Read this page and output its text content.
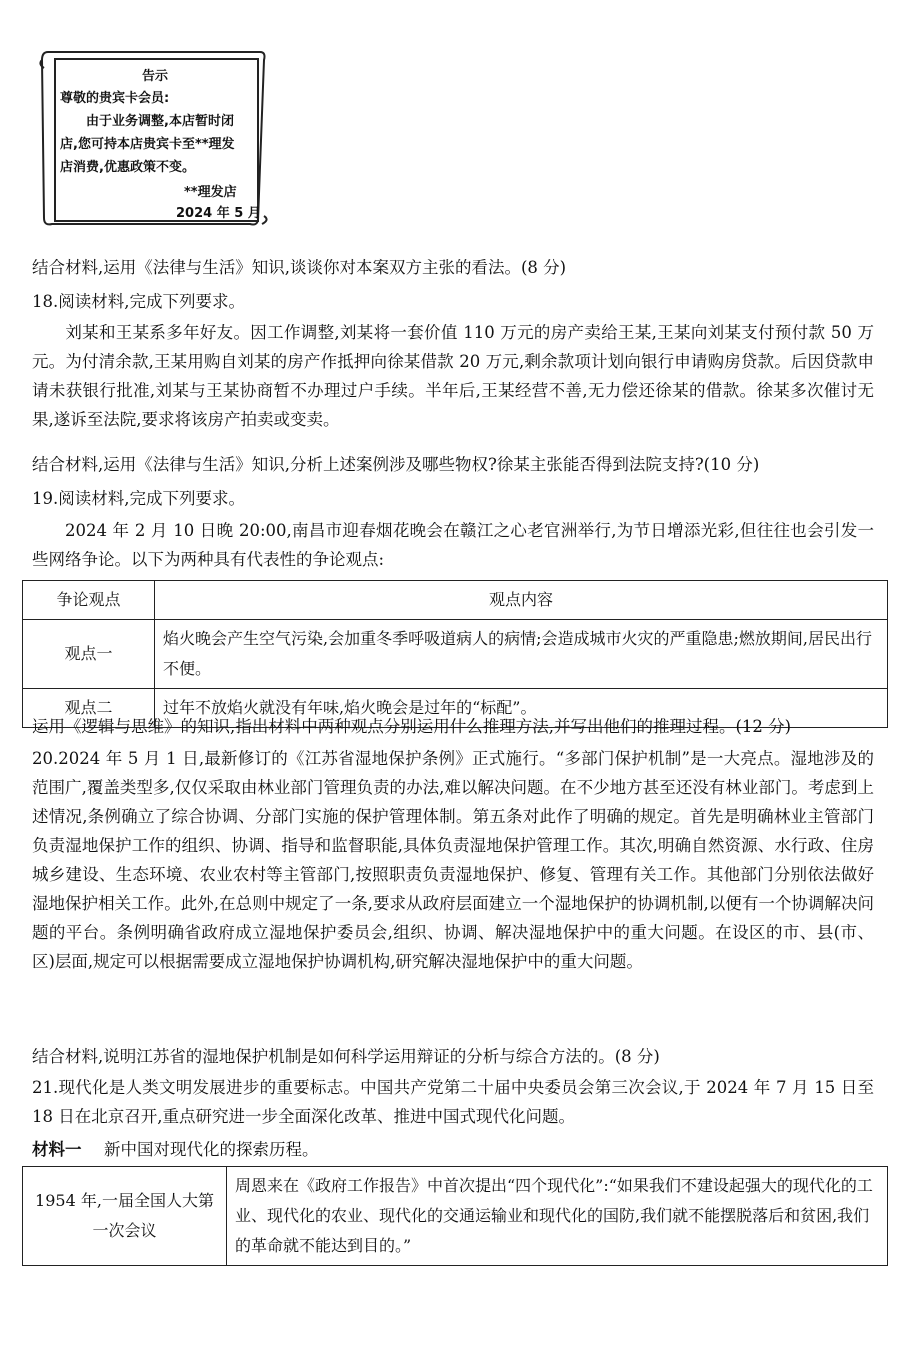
告示
尊敬的贵宾卡会员:
由于业务调整,本店暂时闭
店,您可持本店贵宾卡至**理发
店消费,优惠政策不变。
**理发店
2024 年 5 月
结合材料,运用《法律与生活》知识,谈谈你对本案双方主张的看法。(8 分)
18.阅读材料,完成下列要求。
刘某和王某系多年好友。因工作调整,刘某将一套价值 110 万元的房产卖给王某,王某向刘某支付预付款 50 万元。为付清余款,王某用购自刘某的房产作抵押向徐某借款 20 万元,剩余款项计划向银行申请购房贷款。后因贷款申请未获银行批准,刘某与王某协商暂不办理过户手续。半年后,王某经营不善,无力偿还徐某的借款。徐某多次催讨无果,遂诉至法院,要求将该房产拍卖或变卖。
结合材料,运用《法律与生活》知识,分析上述案例涉及哪些物权?徐某主张能否得到法院支持?(10 分)
19.阅读材料,完成下列要求。
2024 年 2 月 10 日晚 20:00,南昌市迎春烟花晚会在赣江之心老官洲举行,为节日增添光彩,但往往也会引发一些网络争论。以下为两种具有代表性的争论观点:
争论观点	观点内容
观点一	焰火晚会产生空气污染,会加重冬季呼吸道病人的病情;会造成城市火灾的严重隐患;燃放期间,居民出行不便。
观点二	过年不放焰火就没有年味,焰火晚会是过年的“标配”。
运用《逻辑与思维》的知识,指出材料中两种观点分别运用什么推理方法,并写出他们的推理过程。(12 分)
20.2024 年 5 月 1 日,最新修订的《江苏省湿地保护条例》正式施行。“多部门保护机制”是一大亮点。湿地涉及的范围广,覆盖类型多,仅仅采取由林业部门管理负责的办法,难以解决问题。在不少地方甚至还没有林业部门。考虑到上述情况,条例确立了综合协调、分部门实施的保护管理体制。第五条对此作了明确的规定。首先是明确林业主管部门负责湿地保护工作的组织、协调、指导和监督职能,具体负责湿地保护管理工作。其次,明确自然资源、水行政、住房城乡建设、生态环境、农业农村等主管部门,按照职责负责湿地保护、修复、管理有关工作。其他部门分别依法做好湿地保护相关工作。此外,在总则中规定了一条,要求从政府层面建立一个湿地保护的协调机制,以便有一个协调解决问题的平台。条例明确省政府成立湿地保护委员会,组织、协调、解决湿地保护中的重大问题。在设区的市、县(市、区)层面,规定可以根据需要成立湿地保护协调机构,研究解决湿地保护中的重大问题。
结合材料,说明江苏省的湿地保护机制是如何科学运用辩证的分析与综合方法的。(8 分)
21.现代化是人类文明发展进步的重要标志。中国共产党第二十届中央委员会第三次会议,于 2024 年 7 月 15 日至 18 日在北京召开,重点研究进一步全面深化改革、推进中国式现代化问题。
材料一 新中国对现代化的探索历程。
1954 年,一届全国人大第一次会议	周恩来在《政府工作报告》中首次提出“四个现代化”:“如果我们不建设起强大的现代化的工业、现代化的农业、现代化的交通运输业和现代化的国防,我们就不能摆脱落后和贫困,我们的革命就不能达到目的。”
